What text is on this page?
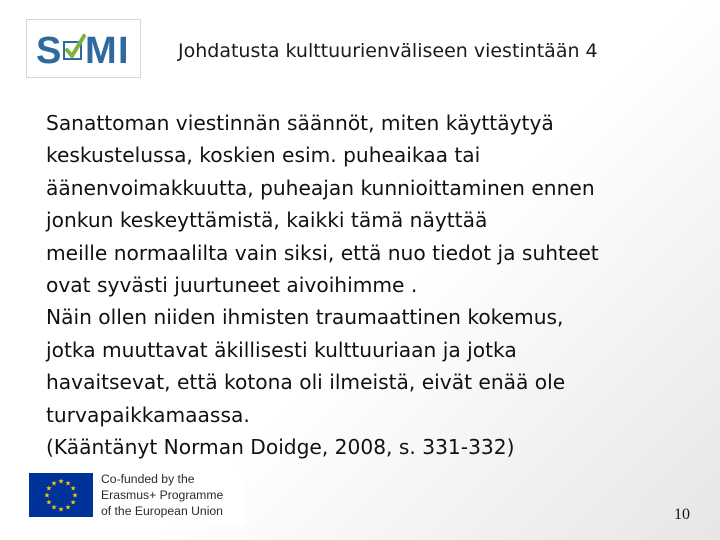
S M I	Johdatusta kulttuurienväliseen viestintään 4
Sanattoman viestinnän säännöt, miten käyttäytyä
keskustelussa, koskien esim. puheaikaa tai
äänenvoimakkuutta, puheajan kunnioittaminen ennen
jonkun keskeyttämistä, kaikki tämä näyttää
meille normaalilta vain siksi, että nuo tiedot ja suhteet
ovat syvästi juurtuneet aivoihimme .
Näin ollen niiden ihmisten traumaattinen kokemus,
jotka muuttavat äkillisesti kulttuuriaan ja jotka
havaitsevat, että kotona oli ilmeistä, eivät enää ole
turvapaikkamaassa.
(Kääntänyt Norman Doidge, 2008, s. 331-332)
★ ★
★
★
★
★
★
★
★
★
★
★	Co-funded by the
Erasmus+ Programme
of the European Union	10
